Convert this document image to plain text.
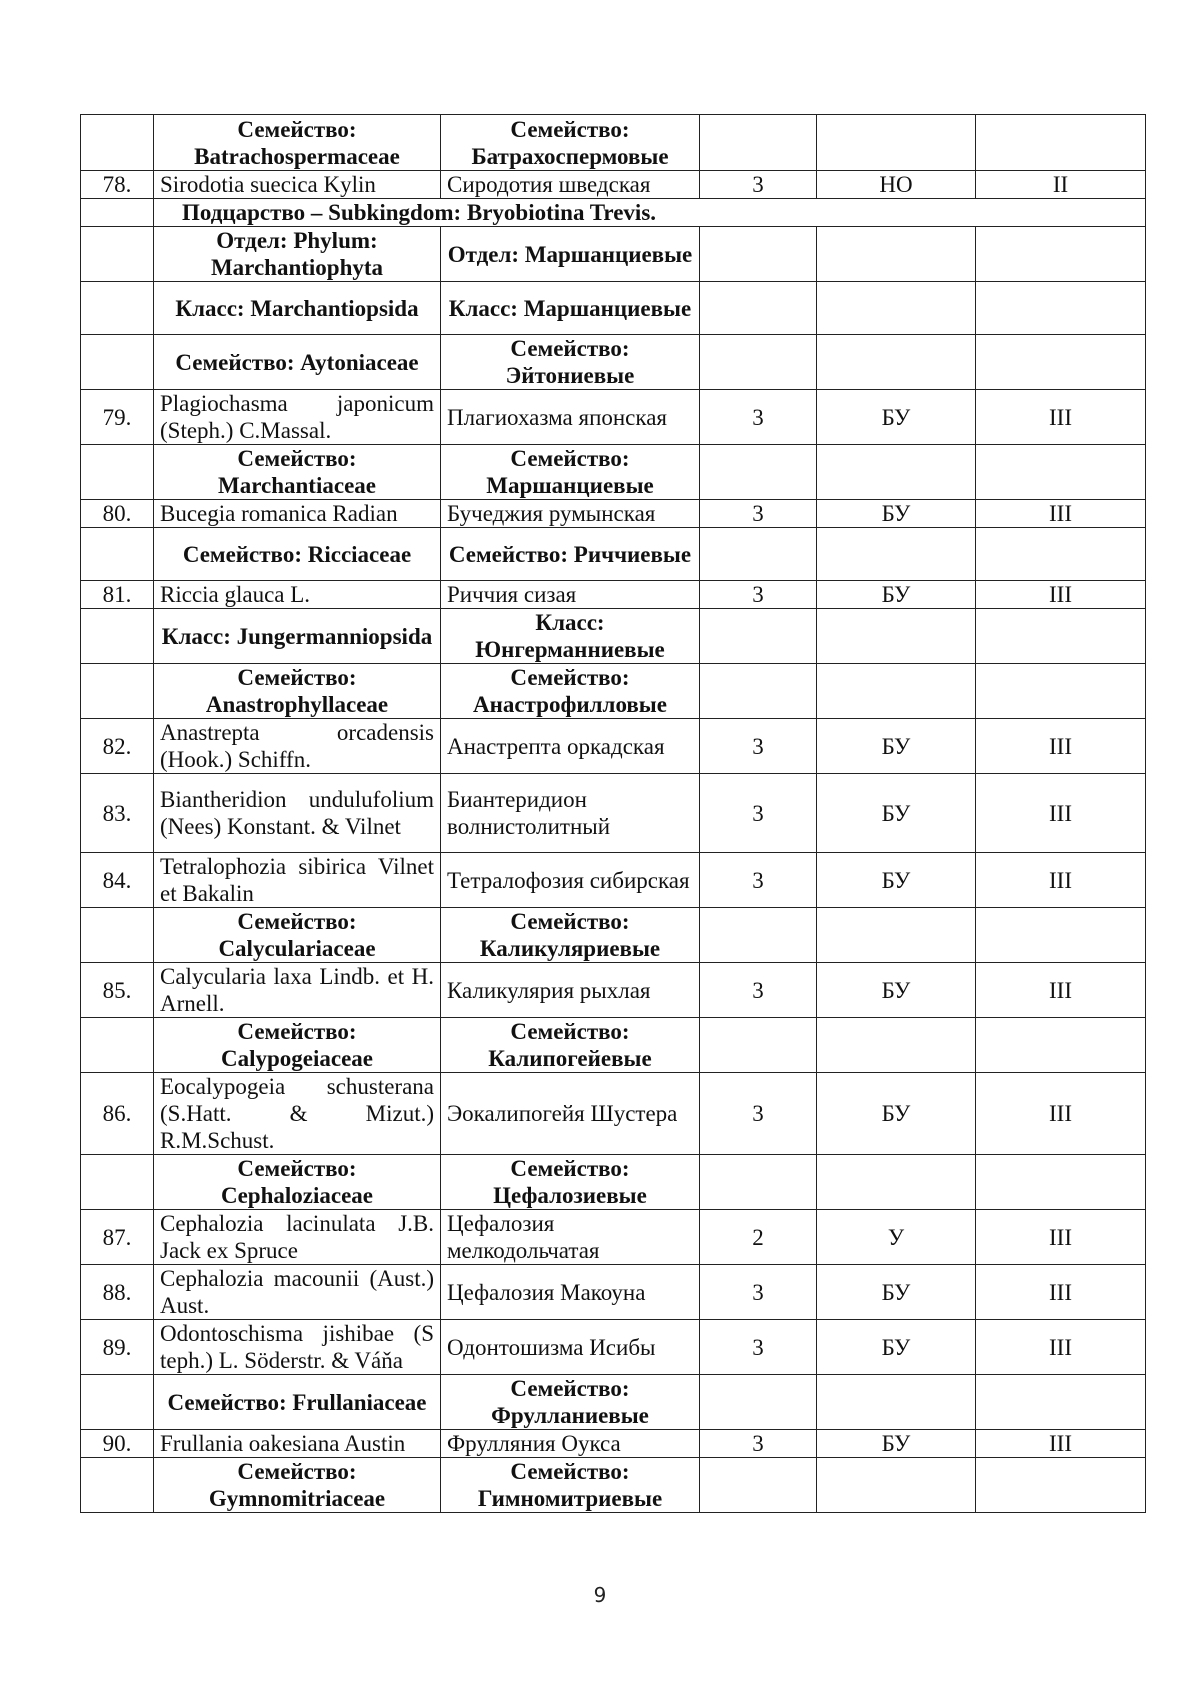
	Семейство: Batrachospermaceae	Семейство: Батрахоспермовые			
78.	Sirodotia suecica Kylin	Сиродотия шведская	3	НО	II
	Подцарство – Subkingdom: Bryobiotina Trevis.				
	Отдел: Phylum: Marchantiophyta	Отдел: Маршанциевые			
	Класс: Marchantiopsida	Класс: Маршанциевые			
	Семейство: Aytoniaceae	Семейство: Эйтониевые			
79.	Plagiochasma japonicum (Steph.) C.Massal.	Плагиохазма японская	3	БУ	III
	Семейство: Marchantiaceae	Семейство: Маршанциевые			
80.	Bucegia romanica Radian	Бучеджия румынская	3	БУ	III
	Семейство: Ricciaceae	Семейство: Риччиевые			
81.	Riccia glauca L.	Риччия сизая	3	БУ	III
	Класс: Jungermanniopsida	Класс: Юнгерманниевые			
	Семейство: Anastrophyllaceae	Семейство: Анастрофилловые			
82.	Anastrepta orcadensis (Hook.) Schiffn.	Анастрепта оркадская	3	БУ	III
83.	Biantheridion undulufolium (Nees) Konstant. & Vilnet	Биантеридион волнистолитный	3	БУ	III
84.	Tetralophozia sibirica Vilnet et Bakalin	Тетралофозия сибирская	3	БУ	III
	Семейство: Calyculariaceae	Семейство: Каликуляриевые			
85.	Calycularia laxa Lindb. et H. Arnell.	Каликулярия рыхлая	3	БУ	III
	Семейство: Calypogeiaceae	Семейство: Калипогейевые			
86.	Eocalypogeia schusterana (S.Hatt. & Mizut.) R.M.Schust.	Эокалипогейя Шустера	3	БУ	III
	Семейство: Cephaloziaceae	Семейство: Цефалозиевые			
87.	Cephalozia lacinulata J.B. Jack ex Spruce	Цефалозия мелкодольчатая	2	У	III
88.	Cephalozia macounii (Aust.) Aust.	Цефалозия Макоуна	3	БУ	III
89.	Odontoschisma jishibae (S teph.) L. Söderstr. & Váňa	Одонтошизма Исибы	3	БУ	III
	Семейство: Frullaniaceae	Семейство: Фрулланиевые			
90.	Frullania oakesiana Austin	Фрулляния Оукса	3	БУ	III
	Семейство: Gymnomitriaceae	Семейство: Гимномитриевые			
9
